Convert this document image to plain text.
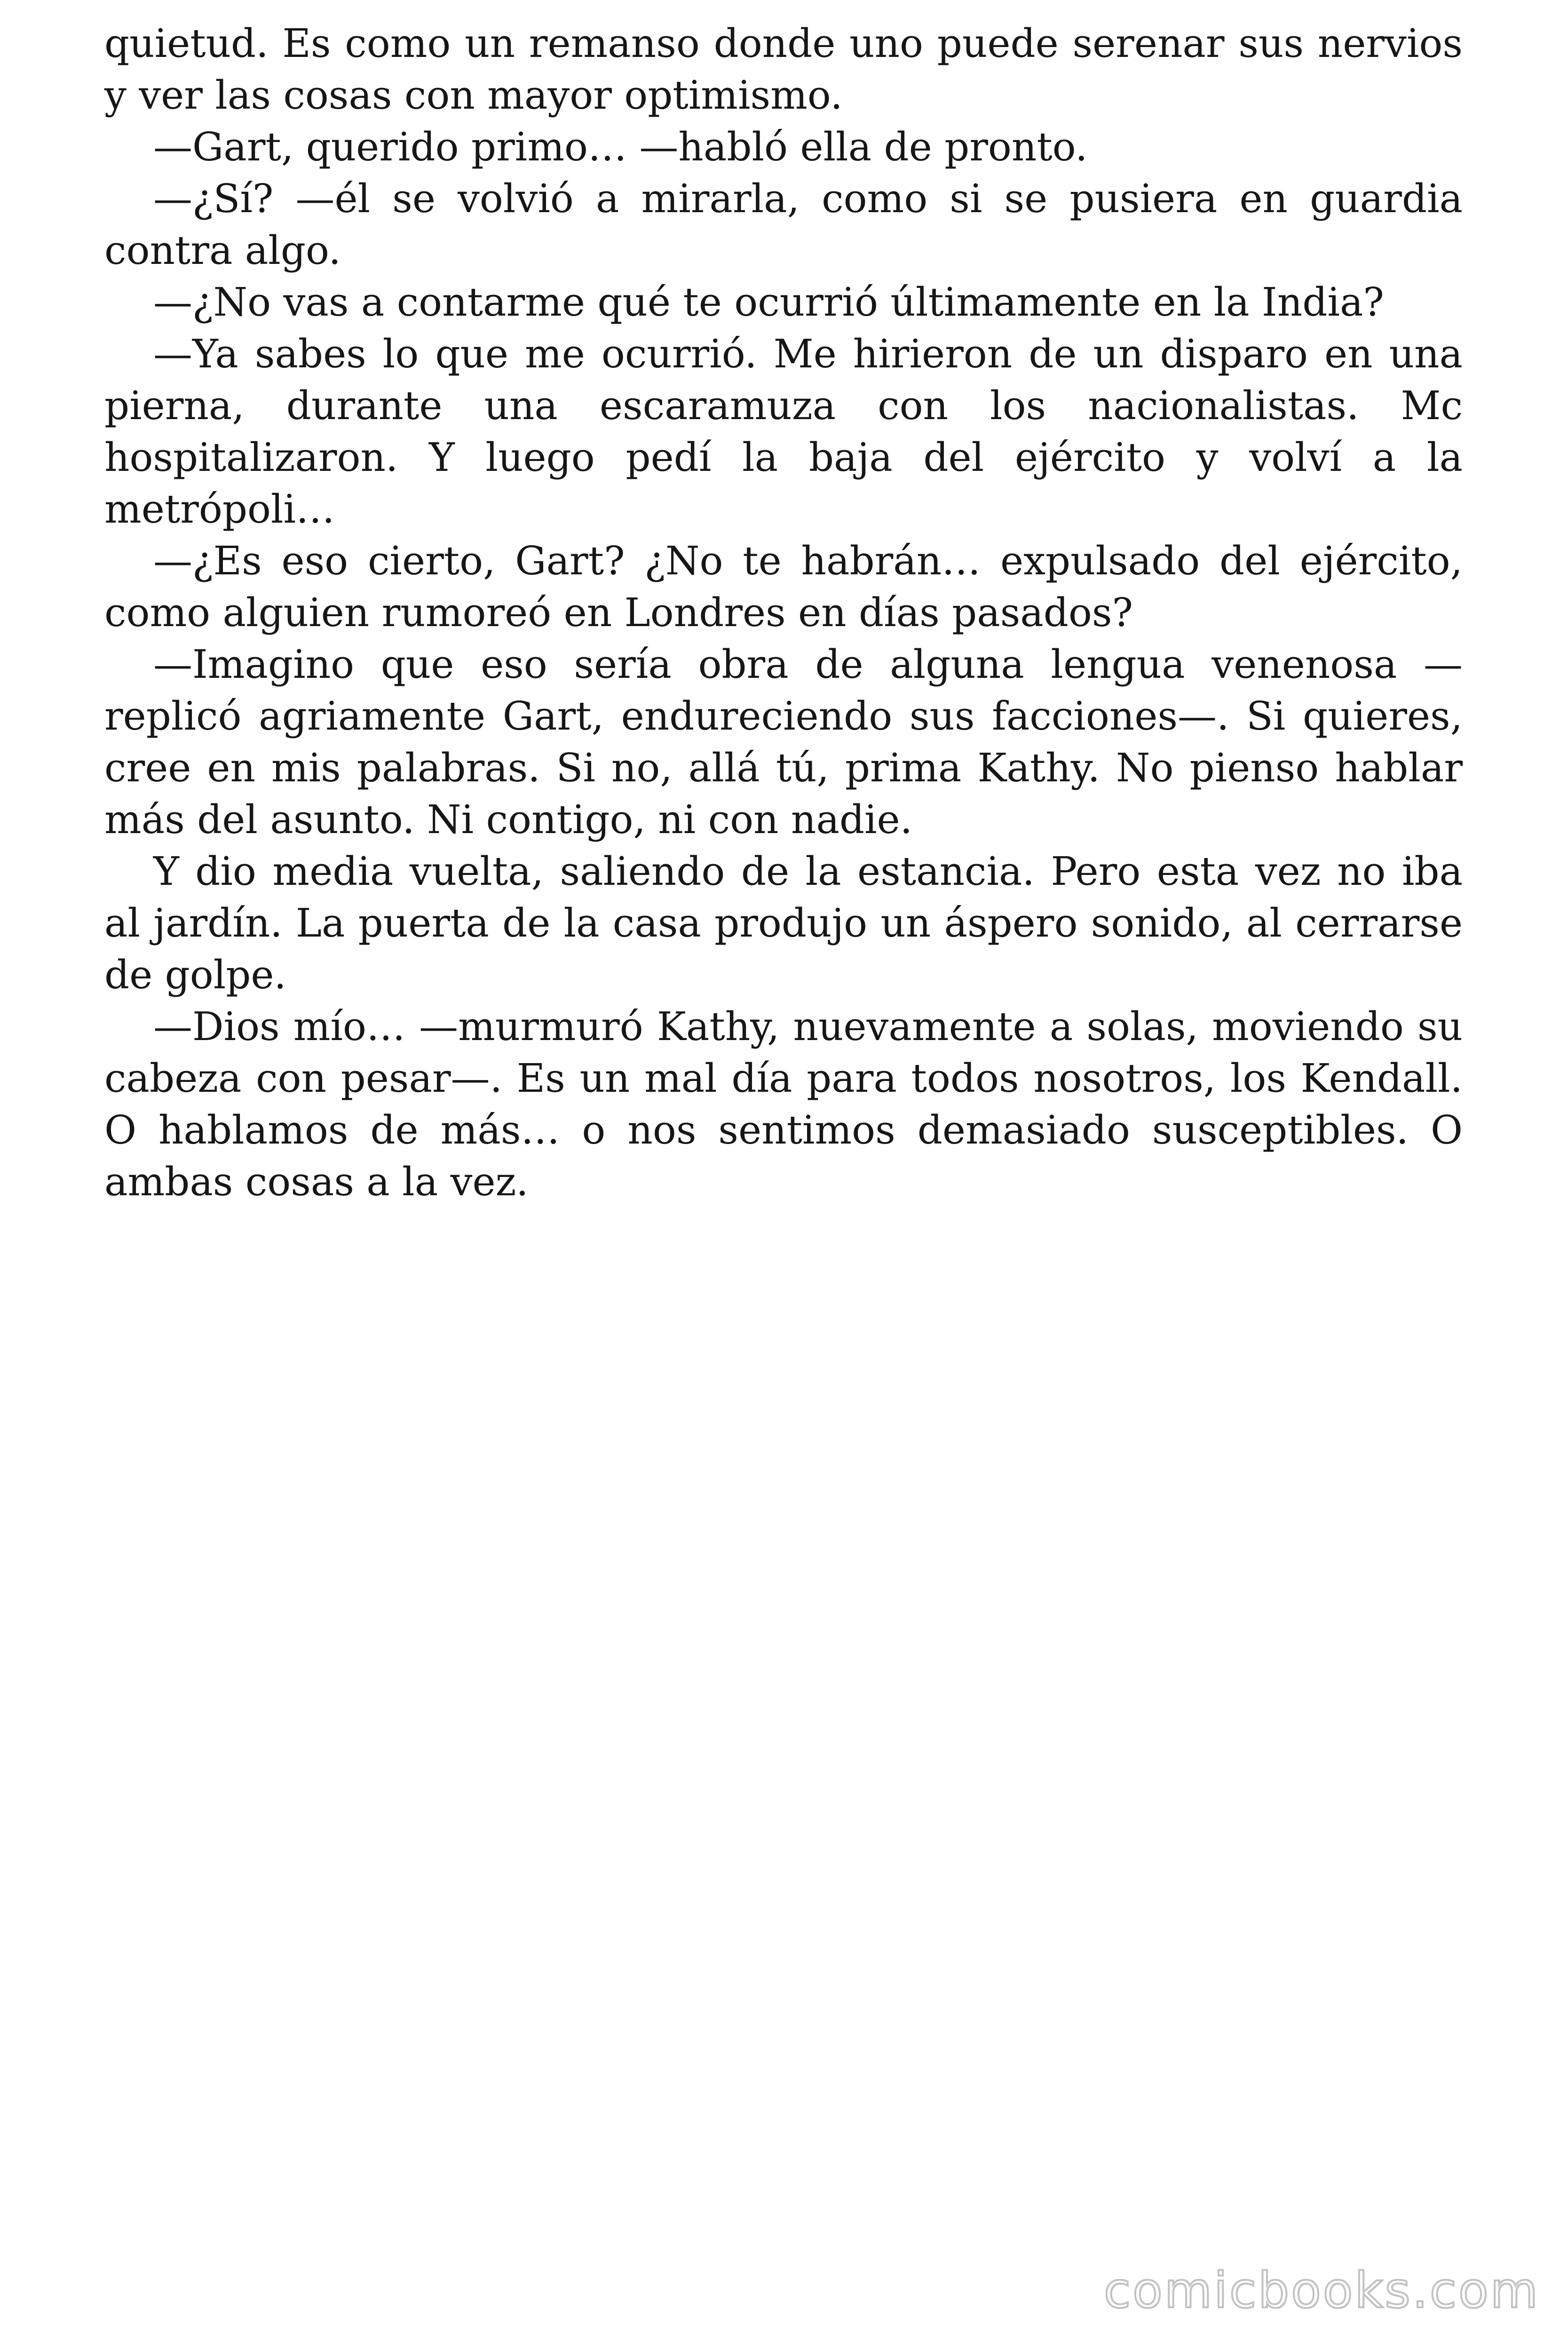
quietud. Es como un remanso donde uno puede serenar sus nervios y ver las cosas con mayor optimismo.

—Gart, querido primo… —habló ella de pronto.

—¿Sí? —él se volvió a mirarla, como si se pusiera en guardia contra algo.

—¿No vas a contarme qué te ocurrió últimamente en la India?

—Ya sabes lo que me ocurrió. Me hirieron de un disparo en una pierna, durante una escaramuza con los nacionalistas. Mc hospitalizaron. Y luego pedí la baja del ejército y volví a la metrópoli…

—¿Es eso cierto, Gart? ¿No te habrán… expulsado del ejército, como alguien rumoreó en Londres en días pasados?

—Imagino que eso sería obra de alguna lengua venenosa —replicó agriamente Gart, endureciendo sus facciones—. Si quieres, cree en mis palabras. Si no, allá tú, prima Kathy. No pienso hablar más del asunto. Ni contigo, ni con nadie.

Y dio media vuelta, saliendo de la estancia. Pero esta vez no iba al jardín. La puerta de la casa produjo un áspero sonido, al cerrarse de golpe.

—Dios mío… —murmuró Kathy, nuevamente a solas, moviendo su cabeza con pesar—. Es un mal día para todos nosotros, los Kendall. O hablamos de más… o nos sentimos demasiado susceptibles. O ambas cosas a la vez.

comicbooks.com
